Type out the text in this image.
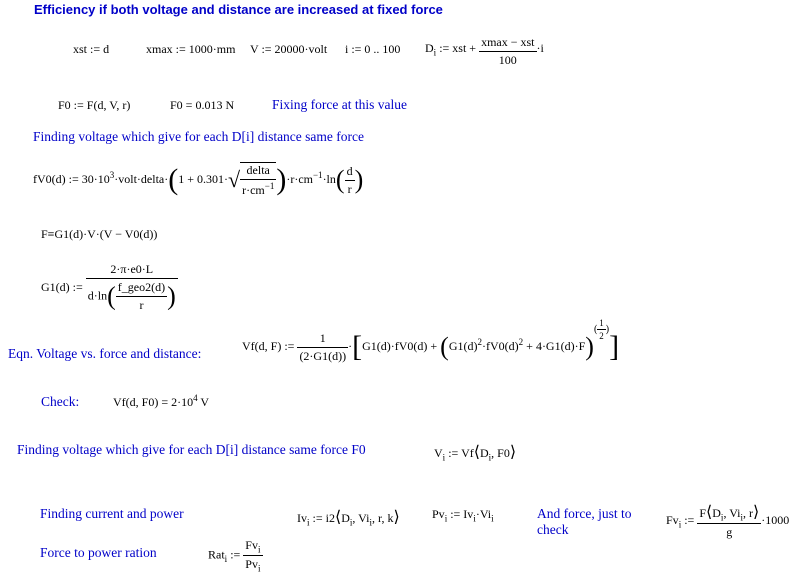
Efficiency if both voltage and distance are increased at fixed force
xst := d	xmax := 1000·mm V := 20000·volt i := 0 .. 100 $D_i$ := xst + $\frac{\text{xmax − xst}}{100} \cdot i$
F0 := F(d, V, r)	F0 = 0.013 N	Fixing force at this value
Finding voltage which give for each D[i] distance same force
fV0(d) := $30\cdot 10^3\cdot volt\cdot delta\cdot(1 + 0.301\cdot√ \frac{\text{delta}}{r\cdot cm^{-1}} )\cdot r\cdot cm^{-1}\cdot\ln( \frac{d}{r}$ )
F≡G1(d)·V·(V − V0(d))
G1(d) := $\frac{2\cdot\pi\cdot e0\cdot L}{d\cdot\ln( \frac{\text{f\_geo2(d)}}{r} )}$
Eqn. Voltage vs. force and distance:
Vf(d, F) := $\frac{1}{(2\cdot G1(d))} \cdot[G1(d)\cdot fV0(d) + (G1(d)^2\cdot fV0(d)^2 + 4\cdot G1(d)\cdot F)( \frac{1}{2}$ )]
Check:	Vf(d, $F0) = 2\cdot 10^4$ V
Finding voltage which give for each D[i] distance same force F0	$V_i$ := $Vf⟨D_i$, F0⟩
Finding current and power	$Iv_i$ := $i2⟨D_i$, $Vi_i$, r, k⟩	$Pv_i$ := $Iv_i\cdot Vi_i$	And force, just to check
$Fv_i$ := $\frac{F⟨D_i, Vi_i, r⟩}{g} \cdot 1000$
Force to power ration	Rat$_i$ := $\frac{Fv_i}{Pv_i}$
